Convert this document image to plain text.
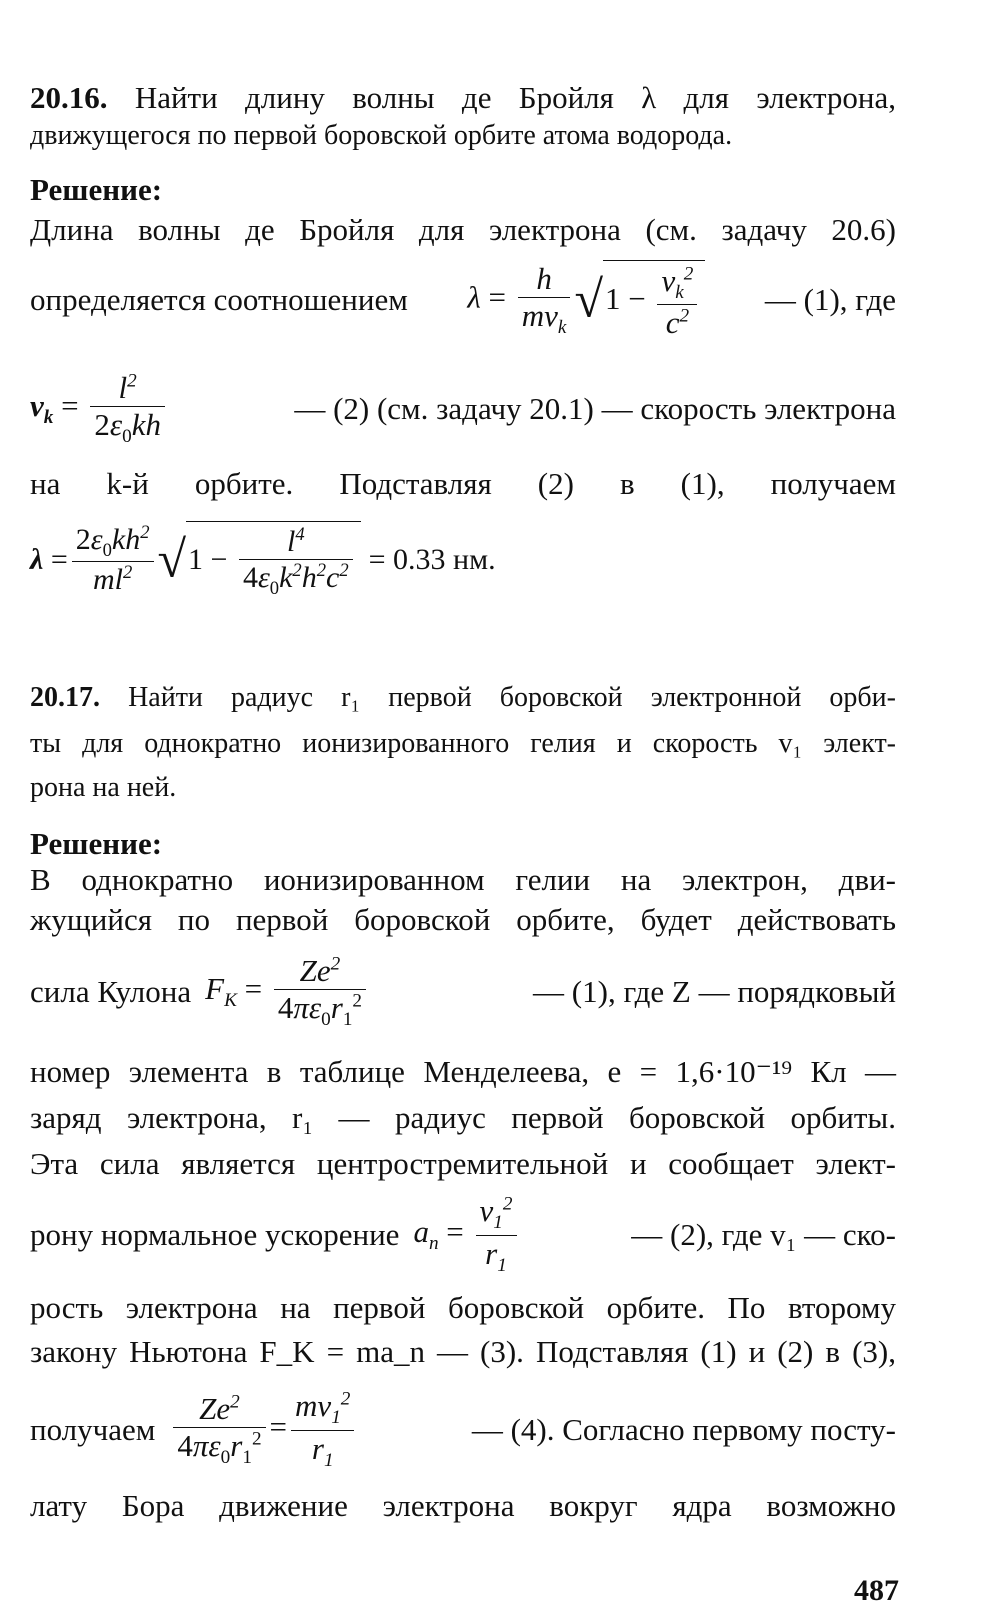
20.16. Найти длину волны де Бройля λ для электрона,
движущегося по первой боровской орбите атома водорода.
Решение:
Длина волны де Бройля для электрона (см. задачу 20.6)
определяется соотношением $\lambda = \frac{h}{mv_k} √1 - \frac{v_k^2}{c^2}$ — (1), где
$v_k = \frac{l^2}{2\varepsilon_0kh}$	— (2) (см. задачу 20.1) — скорость электрона
на k-й орбите. Подставляя (2) в (1), получаем
$\lambda = \frac{2\varepsilon_0kh^2}{ml^2} √1 - \frac{l^4}{4\varepsilon_0k^2h^2c^2} = 0.33$ нм.
20.17. Найти радиус r₁ первой боровской электронной орби-
ты для однократно ионизированного гелия и скорость v₁ элект-
рона на ней.
Решение:
В однократно ионизированном гелии на электрон, дви-
жущийся по первой боровской орбите, будет действовать
сила Кулона $F_K = \frac{Ze^2}{4\pi\varepsilon_0r_1^2}$	— (1), где Z — порядковый
номер элемента в таблице Менделеева, e = 1,6·10⁻¹⁹ Кл —
заряд электрона, r₁ — радиус первой боровской орбиты.
Эта сила является центростремительной и сообщает элект-
рону нормальное ускорение $a_n = \frac{v_1^2}{r_1}$	— (2), где v₁ — ско-
рость электрона на первой боровской орбите. По второму
закону Ньютона F_K = ma_n — (3). Подставляя (1) и (2) в (3),
получаем $\frac{Ze^2}{4\pi\varepsilon_0r_1^2} = \frac{mv_1^2}{r_1}$	— (4). Согласно первому посту-
лату Бора движение электрона вокруг ядра возможно
487
